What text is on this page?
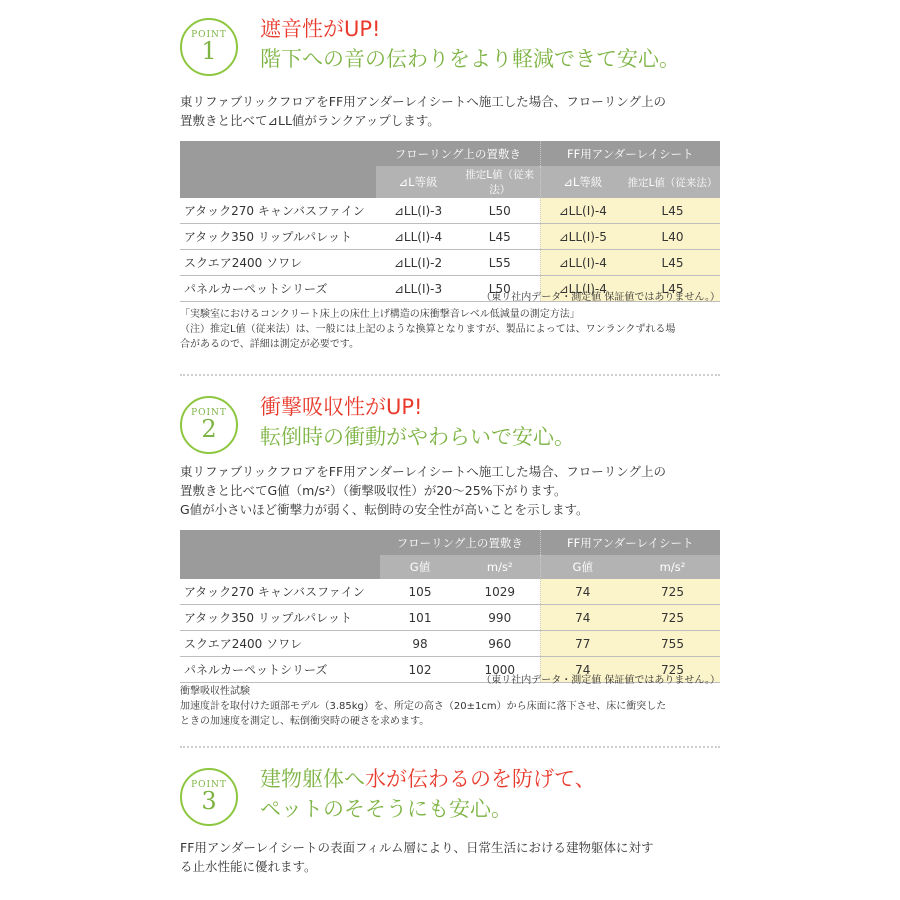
POINT
1
遮音性がUP!
階下への音の伝わりをより軽減できて安心。
東リファブリックフロアをFF用アンダーレイシートへ施工した場合、フローリング上の
置敷きと比べて⊿LL値がランクアップします。
	フローリング上の置敷き		FF用アンダーレイシート	
	⊿L等級	推定L値（従来法）	⊿L等級	推定L値（従来法）
アタック270 キャンバスファイン	⊿LL(Ⅰ)-3	L50	⊿LL(Ⅰ)-4	L45
アタック350 リップルパレット	⊿LL(Ⅰ)-4	L45	⊿LL(Ⅰ)-5	L40
スクエア2400 ソワレ	⊿LL(Ⅰ)-2	L55	⊿LL(Ⅰ)-4	L45
パネルカーペットシリーズ	⊿LL(Ⅰ)-3	L50	⊿LL(Ⅰ)-4	L45
（東リ社内データ・測定値 保証値ではありません。）
「実験室におけるコンクリート床上の床仕上げ構造の床衝撃音レベル低減量の測定方法」
（注）推定L値（従来法）は、一般には上記のような換算となりますが、製品によっては、ワンランクずれる場
合があるので、詳細は測定が必要です。
POINT
2
衝撃吸収性がUP!
転倒時の衝動がやわらいで安心。
東リファブリックフロアをFF用アンダーレイシートへ施工した場合、フローリング上の
置敷きと比べてG値（m/s²）（衝撃吸収性）が20～25%下がります。
G値が小さいほど衝撃力が弱く、転倒時の安全性が高いことを示します。
	フローリング上の置敷き		FF用アンダーレイシート	
	G値	m/s²	G値	m/s²
アタック270 キャンバスファイン	105	1029	74	725
アタック350 リップルパレット	101	990	74	725
スクエア2400 ソワレ	98	960	77	755
パネルカーペットシリーズ	102	1000	74	725
（東リ社内データ・測定値 保証値ではありません。）
衝撃吸収性試験
加速度計を取付けた頭部モデル（3.85kg）を、所定の高さ（20±1cm）から床面に落下させ、床に衝突した
ときの加速度を測定し、転倒衝突時の硬さを求めます。
POINT
3
建物躯体へ水が伝わるのを防げて、
ペットのそそうにも安心。
FF用アンダーレイシートの表面フィルム層により、日常生活における建物躯体に対す
る止水性能に優れます。
